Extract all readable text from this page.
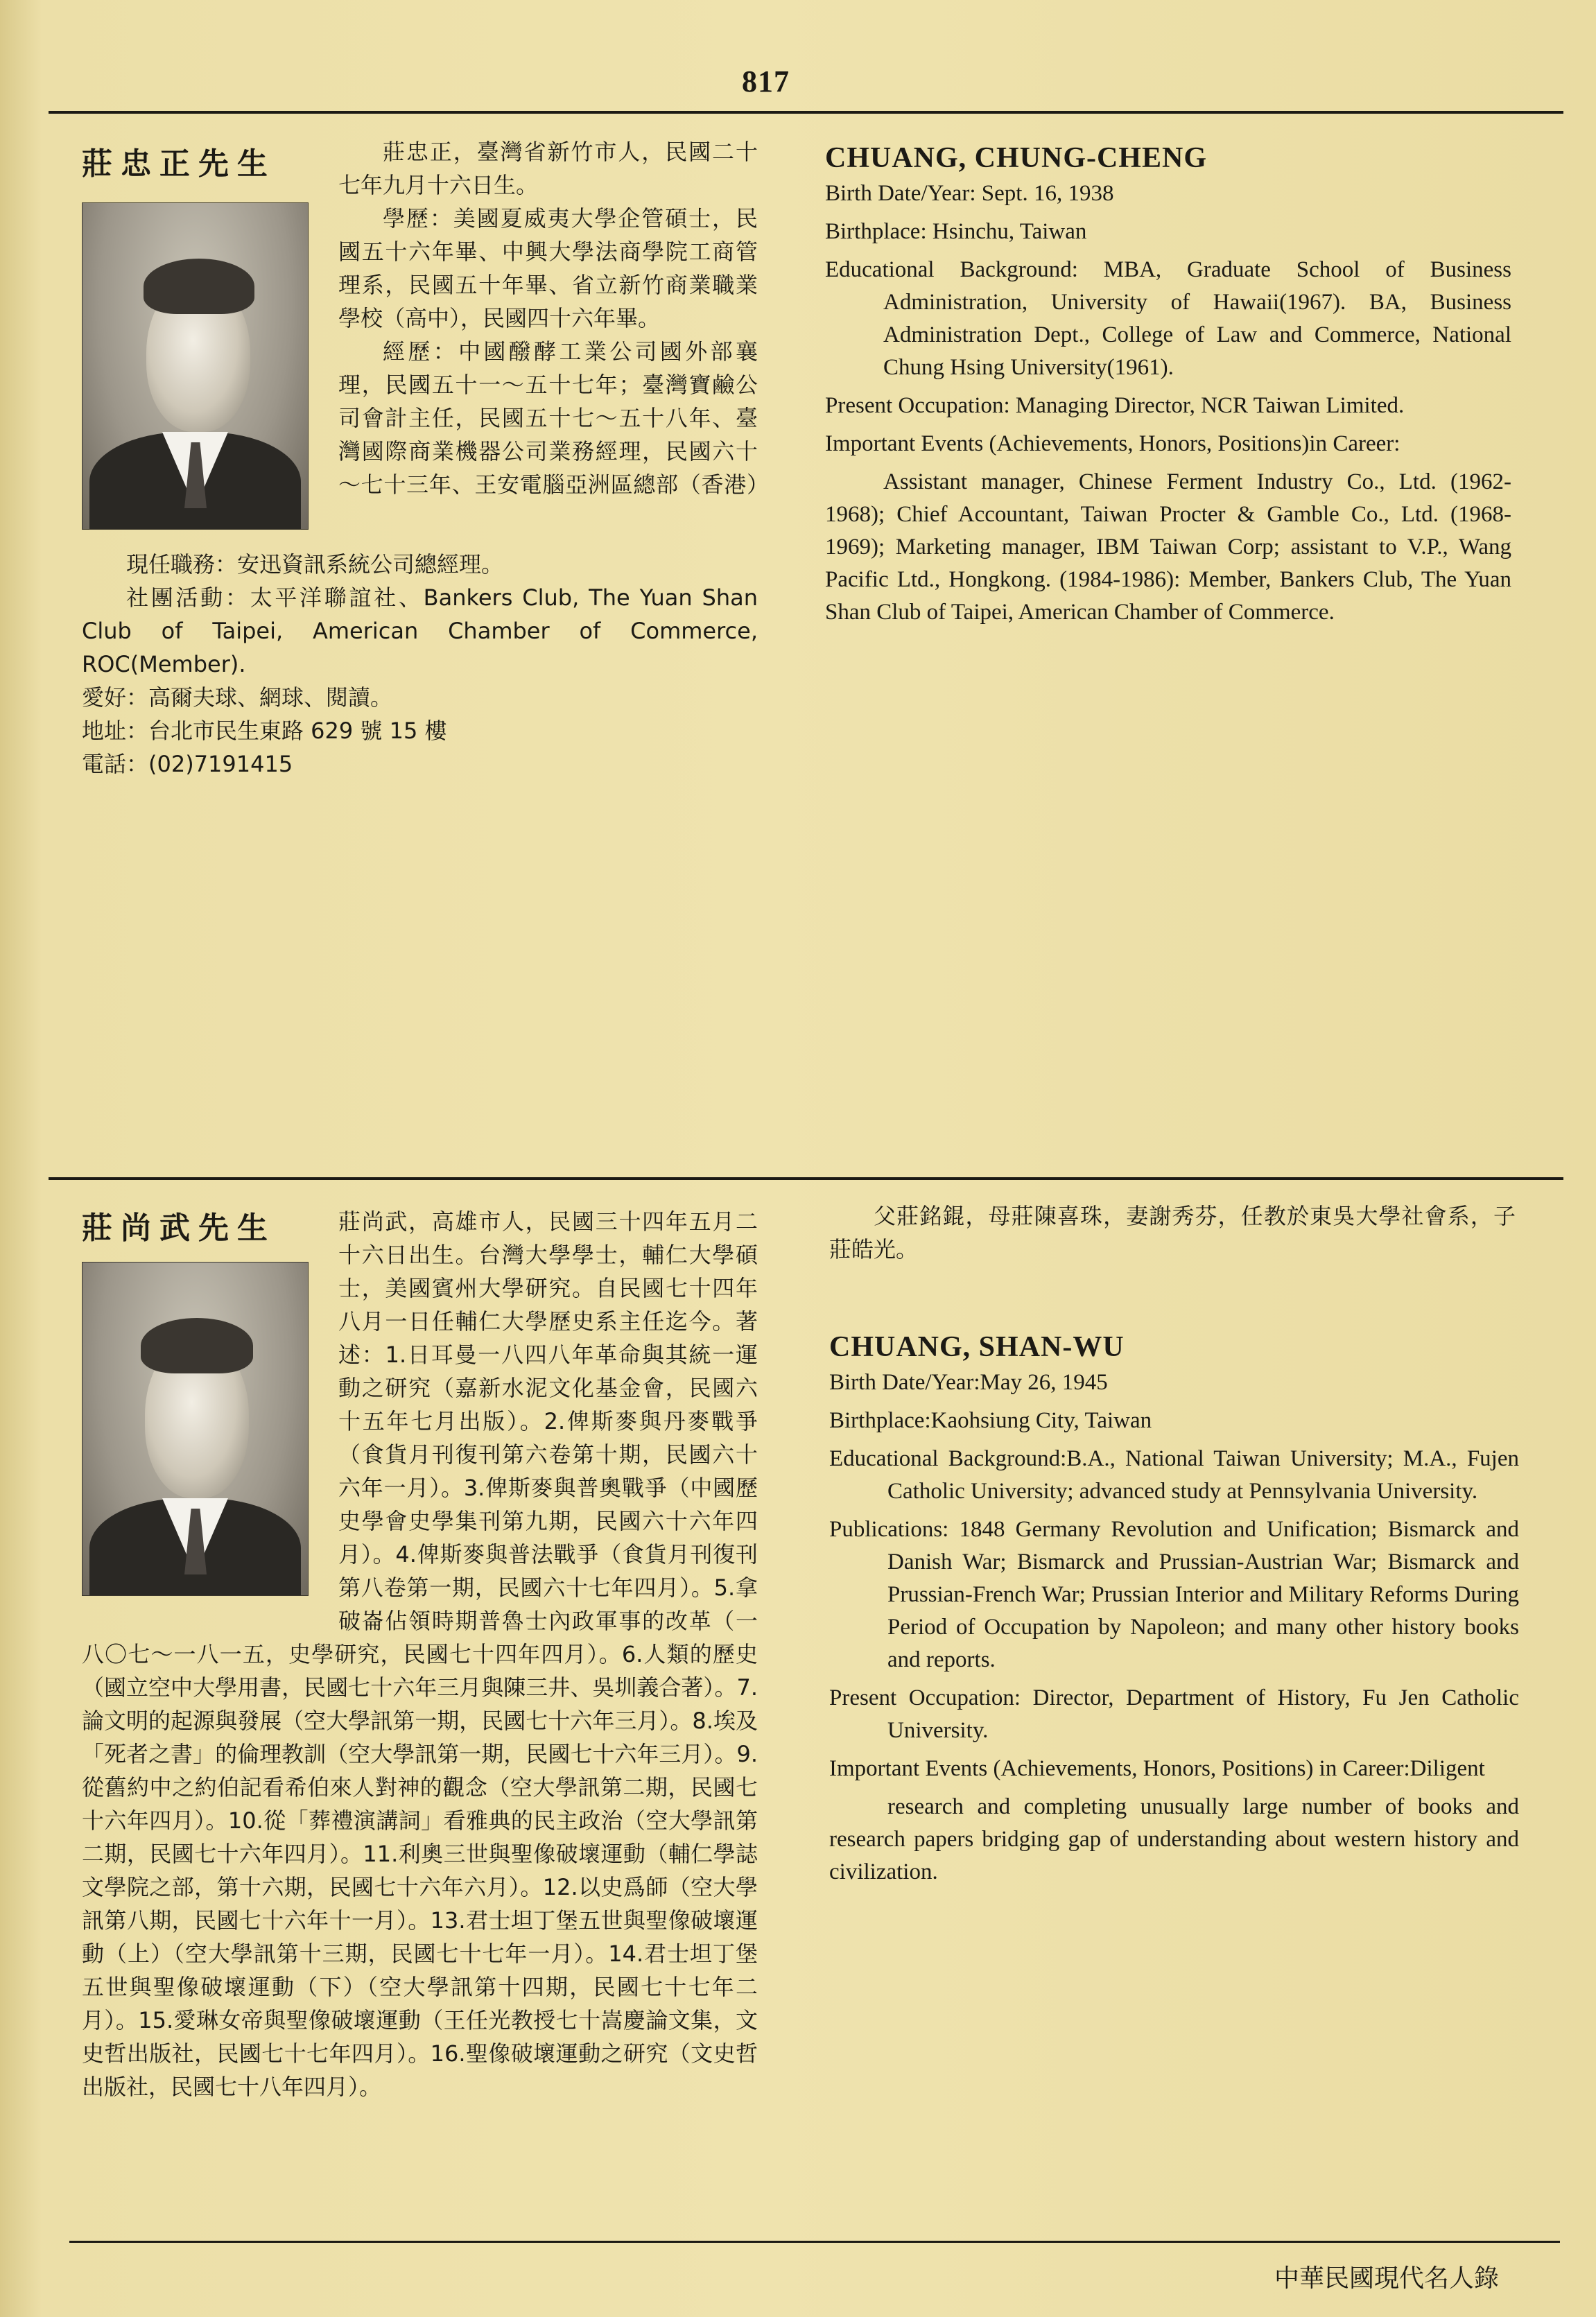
817
莊忠正先生	莊忠正，臺灣省新竹市人，民國二十七年九月十六日生。

學歷：美國夏威夷大學企管碩士，民國五十六年畢、中興大學法商學院工商管理系，民國五十年畢、省立新竹商業職業學校（高中），民國四十六年畢。

經歷：中國醱酵工業公司國外部襄理，民國五十一～五十七年；臺灣寶鹼公司會計主任，民國五十七～五十八年、臺灣國際商業機器公司業務經理，民國六十～七十三年、王安電腦亞洲區總部（香港）

現任職務：安迅資訊系統公司總經理。

社團活動：太平洋聯誼社、Bankers Club, The Yuan Shan Club of Taipei, American Chamber of Commerce, ROC(Member).

愛好：高爾夫球、網球、閱讀。

地址：台北市民生東路 629 號 15 樓

電話：(02)7191415

CHUANG, CHUNG-CHENG

Birth Date/Year: Sept. 16, 1938

Birthplace: Hsinchu, Taiwan

Educational Background: MBA, Graduate School of Business Administration, University of Hawaii(1967). BA, Business Administration Dept., College of Law and Commerce, National Chung Hsing University(1961).

Present Occupation: Managing Director, NCR Taiwan Limited.

Important Events (Achievements, Honors, Positions)in Career:

Assistant manager, Chinese Ferment Industry Co., Ltd. (1962-1968); Chief Accountant, Taiwan Procter & Gamble Co., Ltd. (1968-1969); Marketing manager, IBM Taiwan Corp; assistant to V.P., Wang Pacific Ltd., Hongkong. (1984-1986): Member, Bankers Club, The Yuan Shan Club of Taipei, American Chamber of Commerce.

莊尚武先生	莊尚武，高雄市人，民國三十四年五月二十六日出生。台灣大學學士，輔仁大學碩士，美國賓州大學研究。自民國七十四年八月一日任輔仁大學歷史系主任迄今。著述：1.日耳曼一八四八年革命與其統一運動之研究（嘉新水泥文化基金會，民國六十五年七月出版）。2.俾斯麥與丹麥戰爭（食貨月刊復刊第六卷第十期，民國六十六年一月）。3.俾斯麥與普奧戰爭（中國歷史學會史學集刊第九期，民國六十六年四月）。4.俾斯麥與普法戰爭（食貨月刊復刊第八卷第一期，民國六十七年四月）。5.拿破崙佔領時期普魯士內政軍事的改革（一八〇七～一八一五，史學研究，民國七十四年四月）。6.人類的歷史（國立空中大學用書，民國七十六年三月與陳三井、吳圳義合著）。7.論文明的起源與發展（空大學訊第一期，民國七十六年三月）。8.埃及「死者之書」的倫理教訓（空大學訊第一期，民國七十六年三月）。9.從舊約中之約伯記看希伯來人對神的觀念（空大學訊第二期，民國七十六年四月）。10.從「葬禮演講詞」看雅典的民主政治（空大學訊第二期，民國七十六年四月）。11.利奧三世與聖像破壞運動（輔仁學誌文學院之部，第十六期，民國七十六年六月）。12.以史爲師（空大學訊第八期，民國七十六年十一月）。13.君士坦丁堡五世與聖像破壞運動（上）（空大學訊第十三期，民國七十七年一月）。14.君士坦丁堡五世與聖像破壞運動（下）（空大學訊第十四期，民國七十七年二月）。15.愛琳女帝與聖像破壞運動（王任光教授七十嵩慶論文集，文史哲出版社，民國七十七年四月）。16.聖像破壞運動之研究（文史哲出版社，民國七十八年四月）。

父莊銘錕，母莊陳喜珠，妻謝秀芬，任教於東吳大學社會系，子莊皓光。

CHUANG, SHAN-WU

Birth Date/Year:May 26, 1945

Birthplace:Kaohsiung City, Taiwan

Educational Background:B.A., National Taiwan University; M.A., Fujen Catholic University; advanced study at Pennsylvania University.

Publications: 1848 Germany Revolution and Unification; Bismarck and Danish War; Bismarck and Prussian-Austrian War; Bismarck and Prussian-French War; Prussian Interior and Military Reforms During Period of Occupation by Napoleon; and many other history books and reports.

Present Occupation: Director, Department of History, Fu Jen Catholic University.

Important Events (Achievements, Honors, Positions) in Career:Diligent

research and completing unusually large number of books and research papers bridging gap of understanding about western history and civilization.

中華民國現代名人錄
